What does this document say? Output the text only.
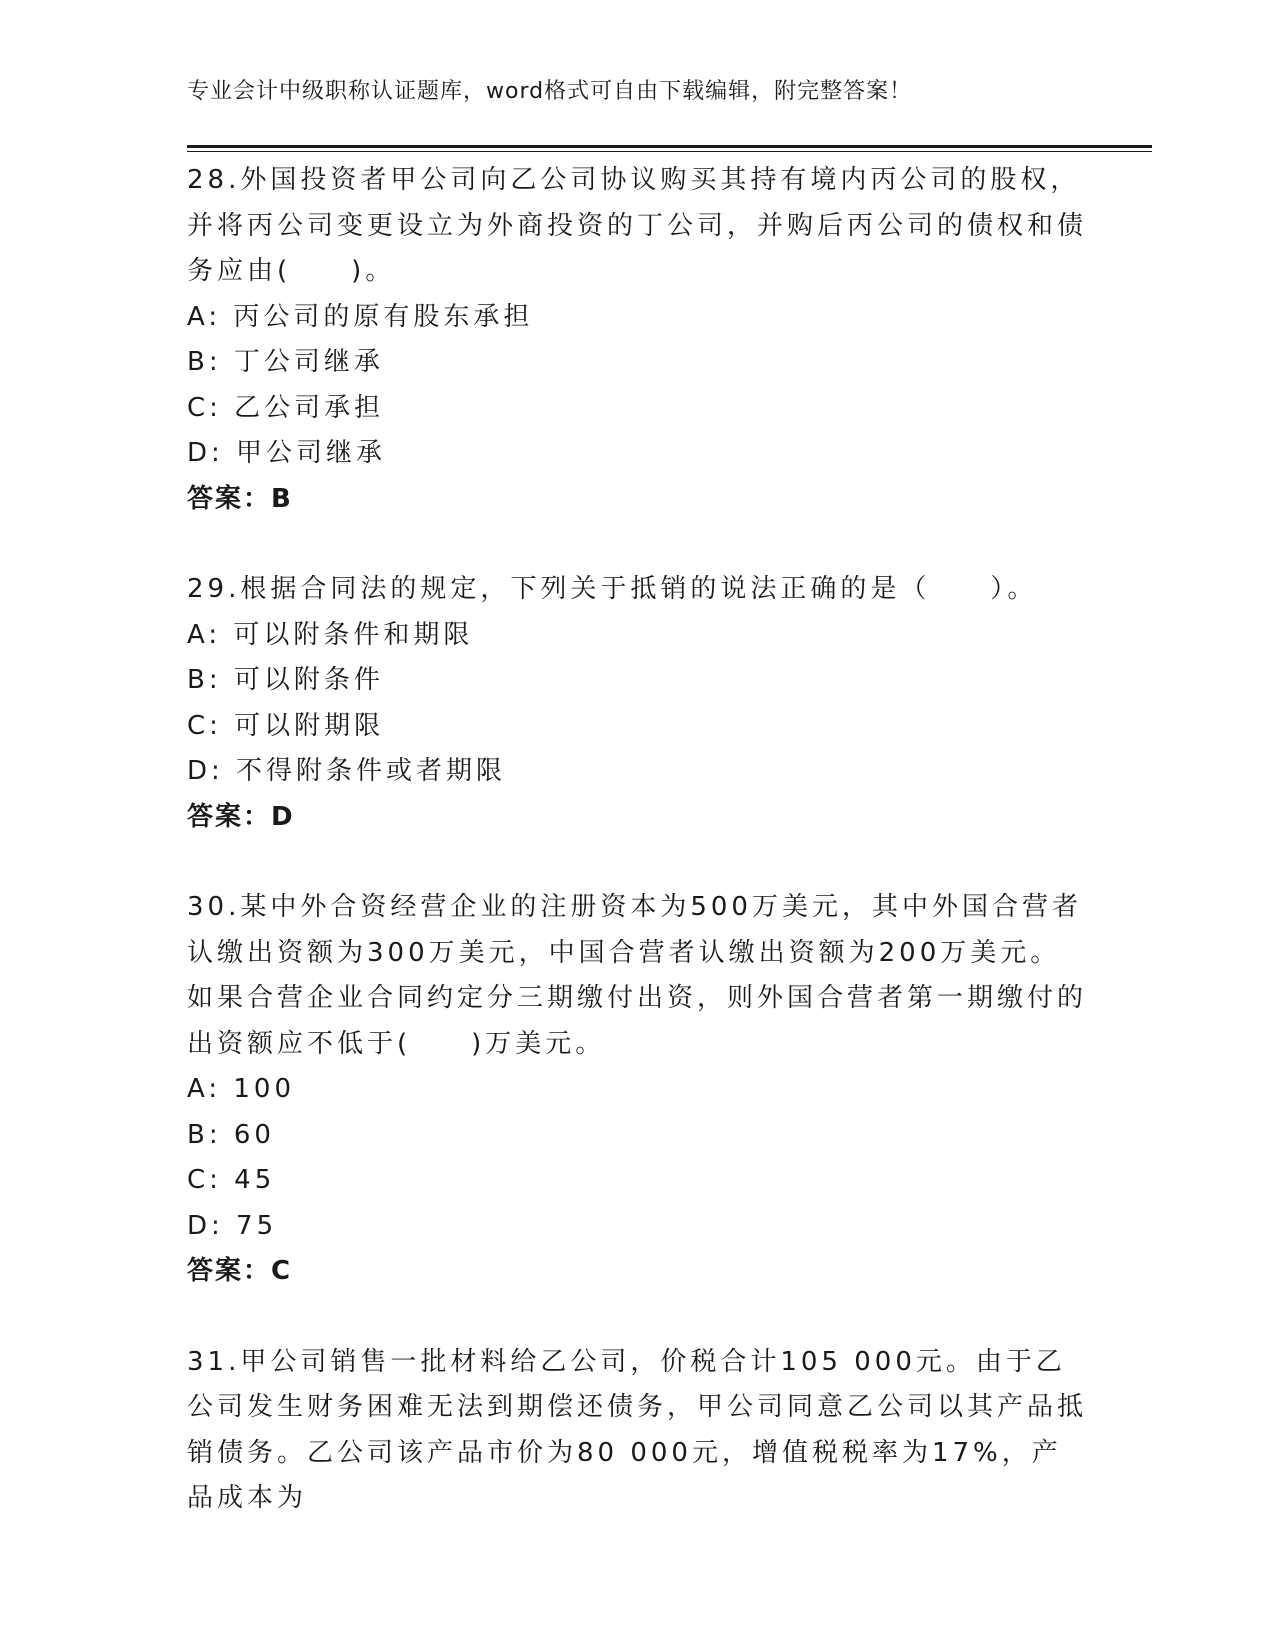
专业会计中级职称认证题库，word格式可自由下载编辑，附完整答案！

28.外国投资者甲公司向乙公司协议购买其持有境内丙公司的股权，并将丙公司变更设立为外商投资的丁公司，并购后丙公司的债权和债务应由(　　)。

A: 丙公司的原有股东承担

B: 丁公司继承

C: 乙公司承担

D: 甲公司继承

答案：B

29.根据合同法的规定，下列关于抵销的说法正确的是（　　）。

A: 可以附条件和期限

B: 可以附条件

C: 可以附期限

D: 不得附条件或者期限

答案：D

30.某中外合资经营企业的注册资本为500万美元，其中外国合营者认缴出资额为300万美元，中国合营者认缴出资额为200万美元。如果合营企业合同约定分三期缴付出资，则外国合营者第一期缴付的出资额应不低于(　　)万美元。

A: 100

B: 60

C: 45

D: 75

答案：C

31.甲公司销售一批材料给乙公司，价税合计105 000元。由于乙公司发生财务困难无法到期偿还债务，甲公司同意乙公司以其产品抵销债务。乙公司该产品市价为80 000元，增值税税率为17%，产品成本为
